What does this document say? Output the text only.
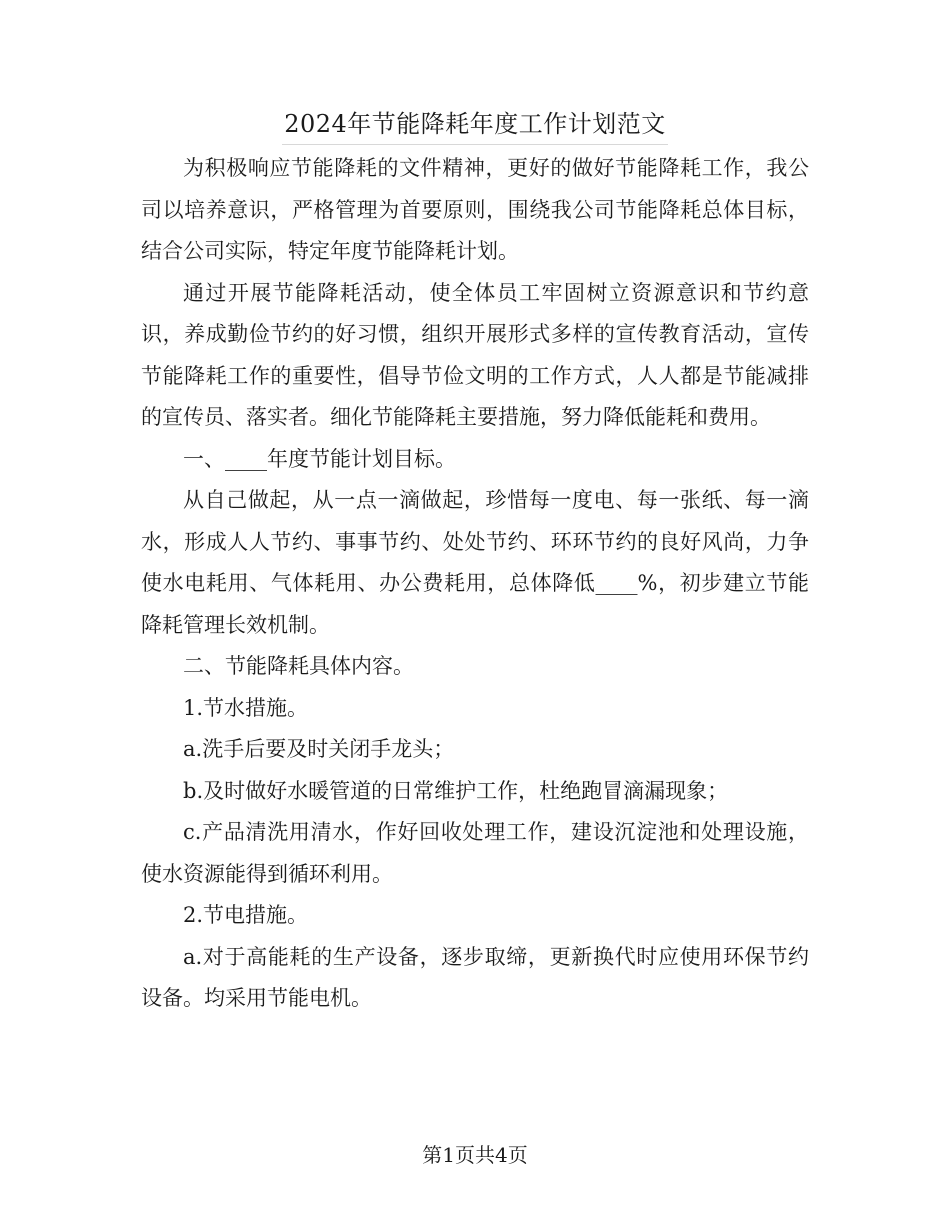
2024年节能降耗年度工作计划范文

为积极响应节能降耗的文件精神，更好的做好节能降耗工作，我公司以培养意识，严格管理为首要原则，围绕我公司节能降耗总体目标，结合公司实际，特定年度节能降耗计划。

通过开展节能降耗活动，使全体员工牢固树立资源意识和节约意识，养成勤俭节约的好习惯，组织开展形式多样的宣传教育活动，宣传节能降耗工作的重要性，倡导节俭文明的工作方式，人人都是节能减排的宣传员、落实者。细化节能降耗主要措施，努力降低能耗和费用。

一、____年度节能计划目标。

从自己做起，从一点一滴做起，珍惜每一度电、每一张纸、每一滴水，形成人人节约、事事节约、处处节约、环环节约的良好风尚，力争使水电耗用、气体耗用、办公费耗用，总体降低____%，初步建立节能降耗管理长效机制。

二、节能降耗具体内容。

1.节水措施。

a.洗手后要及时关闭手龙头；

b.及时做好水暖管道的日常维护工作，杜绝跑冒滴漏现象；

c.产品清洗用清水，作好回收处理工作，建设沉淀池和处理设施，使水资源能得到循环利用。

2.节电措施。

a.对于高能耗的生产设备，逐步取缔，更新换代时应使用环保节约设备。均采用节能电机。

第1页共4页
